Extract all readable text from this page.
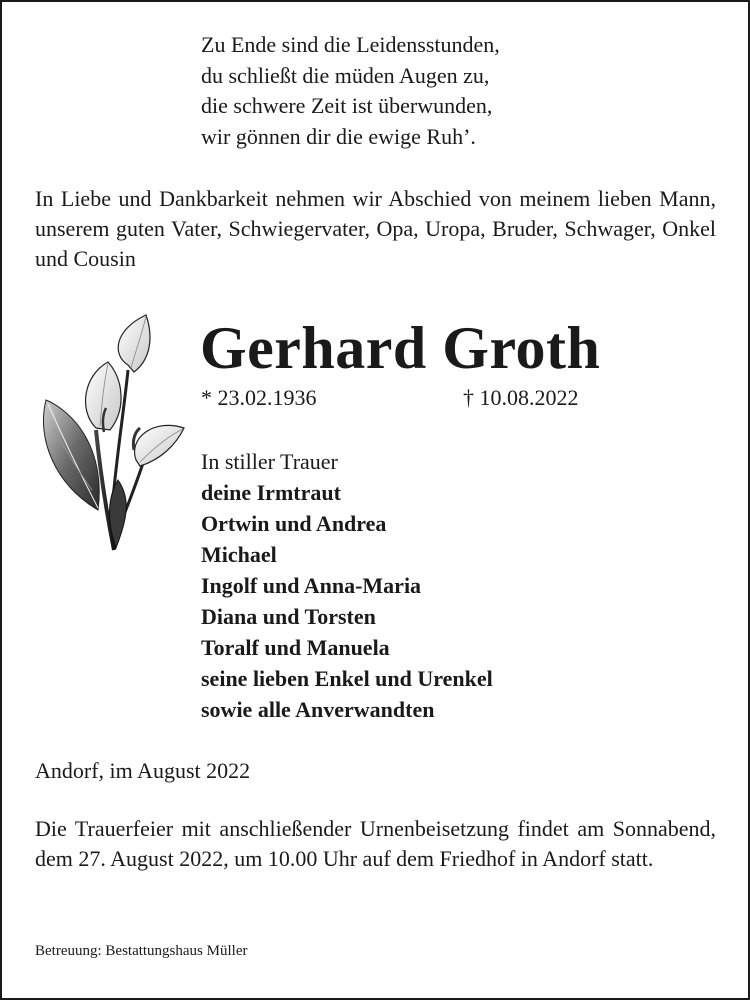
Zu Ende sind die Leidensstunden,
du schließt die müden Augen zu,
die schwere Zeit ist überwunden,
wir gönnen dir die ewige Ruh’.
In Liebe und Dankbarkeit nehmen wir Abschied von meinem lieben Mann, unserem guten Vater, Schwiegervater, Opa, Uropa, Bruder, Schwager, Onkel und Cousin
Gerhard Groth
* 23.02.1936	† 10.08.2022
In stiller Trauer
deine Irmtraut
Ortwin und Andrea
Michael
Ingolf und Anna-Maria
Diana und Torsten
Toralf und Manuela
seine lieben Enkel und Urenkel
sowie alle Anverwandten
Andorf, im August 2022
Die Trauerfeier mit anschließender Urnenbeisetzung findet am Sonnabend, dem 27. August 2022, um 10.00 Uhr auf dem Friedhof in Andorf statt.
Betreuung: Bestattungshaus Müller
